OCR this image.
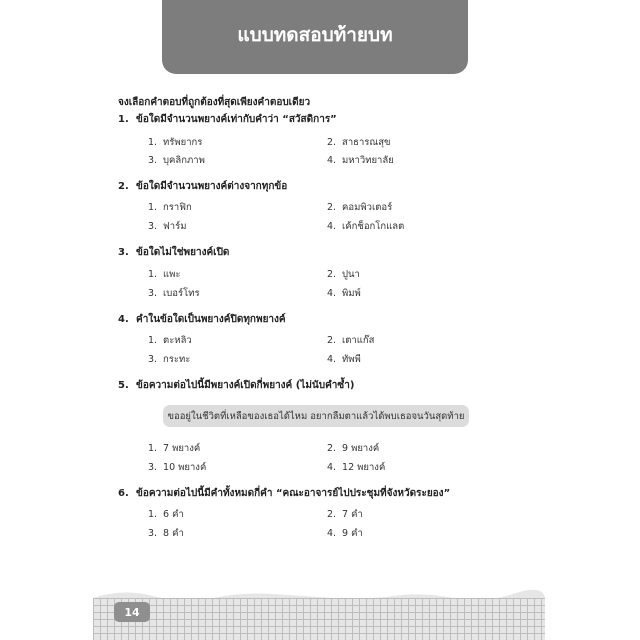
แบบทดสอบท้ายบท
จงเลือกคำตอบที่ถูกต้องที่สุดเพียงคำตอบเดียว
1. ข้อใดมีจำนวนพยางค์เท่ากับคำว่า “สวัสดิการ”
1. ทรัพยากร	2. สาธารณสุข
3. บุคลิกภาพ	4. มหาวิทยาลัย
2. ข้อใดมีจำนวนพยางค์ต่างจากทุกข้อ
1. กราฟิก	2. คอมพิวเตอร์
3. ฟาร์ม	4. เค้กช็อกโกแลต
3. ข้อใดไม่ใช่พยางค์เปิด
1. แพะ	2. ปูนา
3. เบอร์โทร	4. พิมพ์
4. คำในข้อใดเป็นพยางค์ปิดทุกพยางค์
1. ตะหลิว	2. เตาแก๊ส
3. กระทะ	4. ทัพพี
5. ข้อความต่อไปนี้มีพยางค์เปิดกี่พยางค์ (ไม่นับคำซ้ำ)
ขออยู่ในชีวิตที่เหลือของเธอได้ไหม อยากลืมตาแล้วได้พบเธอจนวันสุดท้าย
1. 7 พยางค์	2. 9 พยางค์
3. 10 พยางค์	4. 12 พยางค์
6. ข้อความต่อไปนี้มีคำทั้งหมดกี่คำ “คณะอาจารย์ไปประชุมที่จังหวัดระยอง”
1. 6 คำ	2. 7 คำ
3. 8 คำ	4. 9 คำ
14
